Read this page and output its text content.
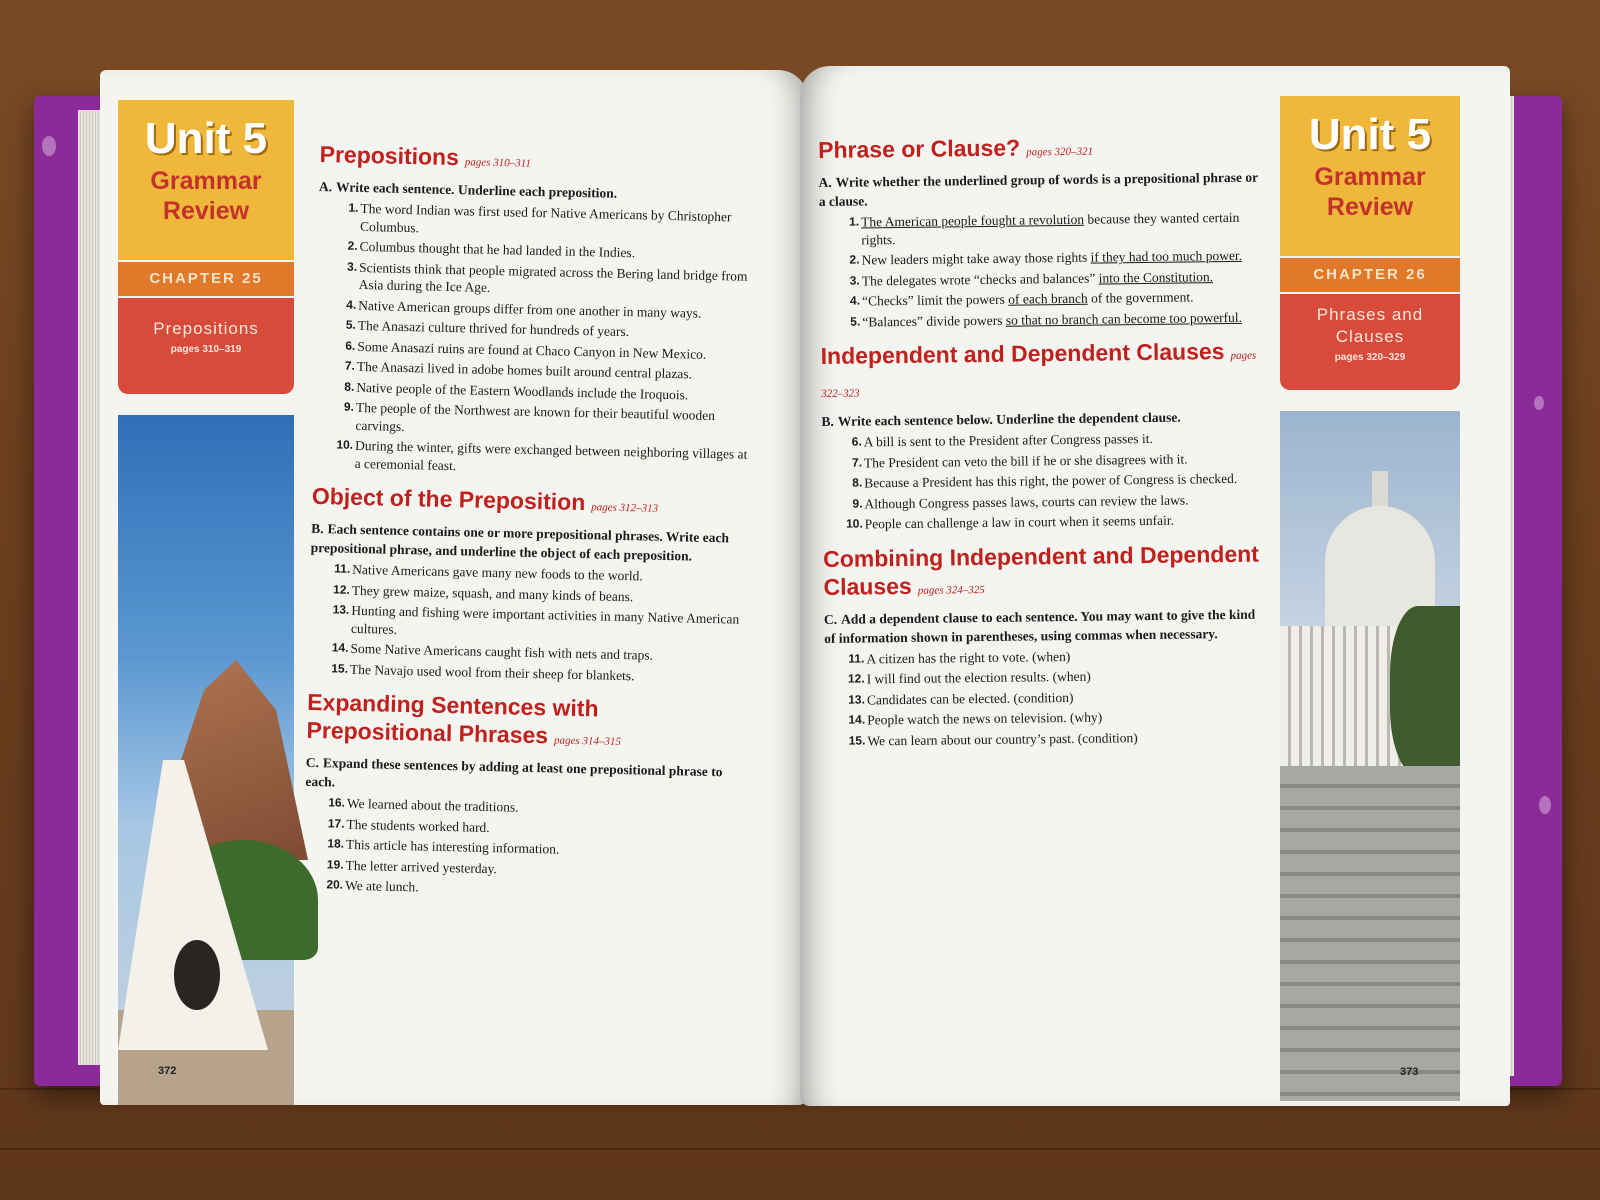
Unit 5
Grammar
Review
CHAPTER 25
Prepositions
pages 310–319
372
Prepositions pages 310–311
A. Write each sentence. Underline each preposition.
1. The word Indian was first used for Native Americans by Christopher Columbus.
2. Columbus thought that he had landed in the Indies.
3. Scientists think that people migrated across the Bering land bridge from Asia during the Ice Age.
4. Native American groups differ from one another in many ways.
5. The Anasazi culture thrived for hundreds of years.
6. Some Anasazi ruins are found at Chaco Canyon in New Mexico.
7. The Anasazi lived in adobe homes built around central plazas.
8. Native people of the Eastern Woodlands include the Iroquois.
9. The people of the Northwest are known for their beautiful wooden carvings.
10. During the winter, gifts were exchanged between neighboring villages at a ceremonial feast.
Object of the Preposition pages 312–313
B. Each sentence contains one or more prepositional phrases. Write each prepositional phrase, and underline the object of each preposition.
11. Native Americans gave many new foods to the world.
12. They grew maize, squash, and many kinds of beans.
13. Hunting and fishing were important activities in many Native American cultures.
14. Some Native Americans caught fish with nets and traps.
15. The Navajo used wool from their sheep for blankets.
Expanding Sentences with Prepositional Phrases pages 314–315
C. Expand these sentences by adding at least one prepositional phrase to each.
16. We learned about the traditions.
17. The students worked hard.
18. This article has interesting information.
19. The letter arrived yesterday.
20. We ate lunch.
Unit 5
Grammar
Review
CHAPTER 26
Phrases and
Clauses
pages 320–329
373
Phrase or Clause? pages 320–321
A. Write whether the underlined group of words is a prepositional phrase or a clause.
1. The American people fought a revolution because they wanted certain rights.
2. New leaders might take away those rights if they had too much power.
3. The delegates wrote “checks and balances” into the Constitution.
4. “Checks” limit the powers of each branch of the government.
5. “Balances” divide powers so that no branch can become too powerful.
Independent and Dependent Clauses pages 322–323
B. Write each sentence below. Underline the dependent clause.
6. A bill is sent to the President after Congress passes it.
7. The President can veto the bill if he or she disagrees with it.
8. Because a President has this right, the power of Congress is checked.
9. Although Congress passes laws, courts can review the laws.
10. People can challenge a law in court when it seems unfair.
Combining Independent and Dependent Clauses pages 324–325
C. Add a dependent clause to each sentence. You may want to give the kind of information shown in parentheses, using commas when necessary.
11. A citizen has the right to vote. (when)
12. I will find out the election results. (when)
13. Candidates can be elected. (condition)
14. People watch the news on television. (why)
15. We can learn about our country’s past. (condition)
